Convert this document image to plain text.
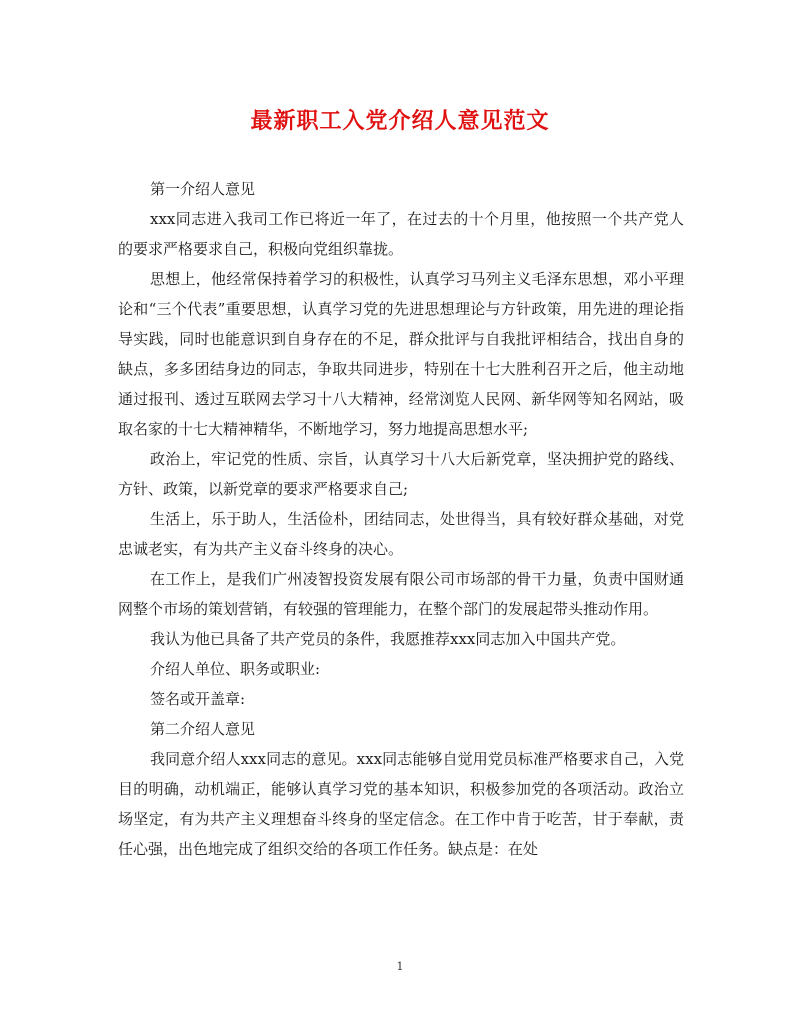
最新职工入党介绍人意见范文

第一介绍人意见

xxx同志进入我司工作已将近一年了，在过去的十个月里，他按照一个共产党人的要求严格要求自己，积极向党组织靠拢。

思想上，他经常保持着学习的积极性，认真学习马列主义毛泽东思想，邓小平理论和“三个代表”重要思想，认真学习党的先进思想理论与方针政策，用先进的理论指导实践，同时也能意识到自身存在的不足，群众批评与自我批评相结合，找出自身的缺点，多多团结身边的同志，争取共同进步，特别在十七大胜利召开之后，他主动地通过报刊、透过互联网去学习十八大精神，经常浏览人民网、新华网等知名网站，吸取名家的十七大精神精华，不断地学习，努力地提高思想水平;

政治上，牢记党的性质、宗旨，认真学习十八大后新党章，坚决拥护党的路线、方针、政策，以新党章的要求严格要求自己;

生活上，乐于助人，生活俭朴，团结同志，处世得当，具有较好群众基础，对党忠诚老实，有为共产主义奋斗终身的决心。

在工作上，是我们广州凌智投资发展有限公司市场部的骨干力量，负责中国财通网整个市场的策划营销，有较强的管理能力，在整个部门的发展起带头推动作用。

我认为他已具备了共产党员的条件，我愿推荐xxx同志加入中国共产党。

介绍人单位、职务或职业:

签名或开盖章:

第二介绍人意见

我同意介绍人xxx同志的意见。xxx同志能够自觉用党员标准严格要求自己，入党目的明确，动机端正，能够认真学习党的基本知识，积极参加党的各项活动。政治立场坚定，有为共产主义理想奋斗终身的坚定信念。在工作中肯于吃苦，甘于奉献，责任心强，出色地完成了组织交给的各项工作任务。缺点是：在处

1
